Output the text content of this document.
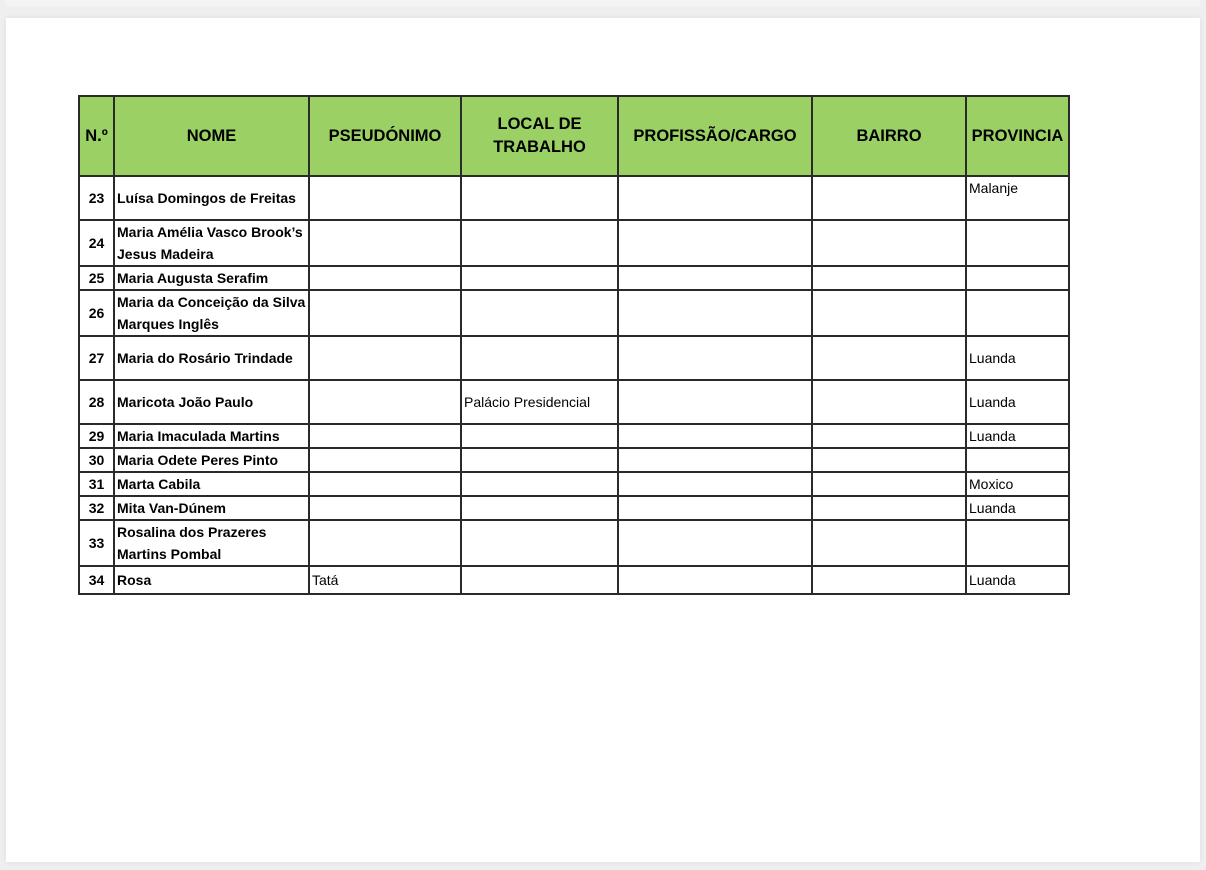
N.º	NOME	PSEUDÓNIMO	LOCAL DE TRABALHO	PROFISSÃO/CARGO	BAIRRO	PROVINCIA
23	Luísa Domingos de Freitas					Malanje
24	Maria Amélia Vasco Brook’s Jesus Madeira					
25	Maria Augusta Serafim					
26	Maria da Conceição da Silva Marques Inglês					
27	Maria do Rosário Trindade					Luanda
28	Maricota João Paulo		Palácio Presidencial			Luanda
29	Maria Imaculada Martins					Luanda
30	Maria Odete Peres Pinto					
31	Marta Cabila					Moxico
32	Mita Van-Dúnem					Luanda
33	Rosalina dos Prazeres Martins Pombal					
34	Rosa	Tatá				Luanda
